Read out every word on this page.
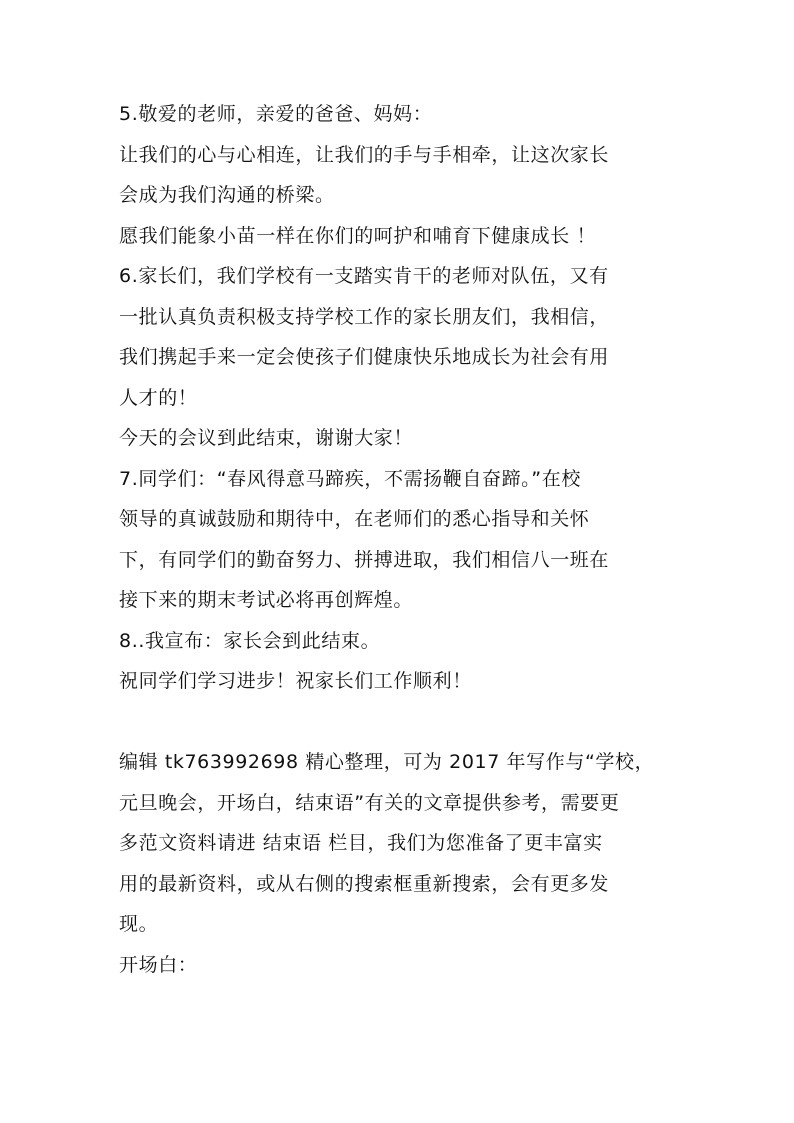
5.敬爱的老师，亲爱的爸爸、妈妈：
让我们的心与心相连，让我们的手与手相牵，让这次家长
会成为我们沟通的桥梁。
愿我们能象小苗一样在你们的呵护和哺育下健康成长 ！
6.家长们，我们学校有一支踏实肯干的老师对队伍，又有
一批认真负责积极支持学校工作的家长朋友们，我相信，
我们携起手来一定会使孩子们健康快乐地成长为社会有用
人才的！
今天的会议到此结束，谢谢大家！
7.同学们：“春风得意马蹄疾，不需扬鞭自奋蹄。”在校
领导的真诚鼓励和期待中，在老师们的悉心指导和关怀
下，有同学们的勤奋努力、拼搏进取，我们相信八一班在
接下来的期末考试必将再创辉煌。
8..我宣布：家长会到此结束。
祝同学们学习进步！祝家长们工作顺利！
编辑 tk763992698 精心整理，可为 2017 年写作与“学校，
元旦晚会，开场白，结束语”有关的文章提供参考，需要更
多范文资料请进 结束语 栏目，我们为您准备了更丰富实
用的最新资料，或从右侧的搜索框重新搜索，会有更多发
现。
开场白：
